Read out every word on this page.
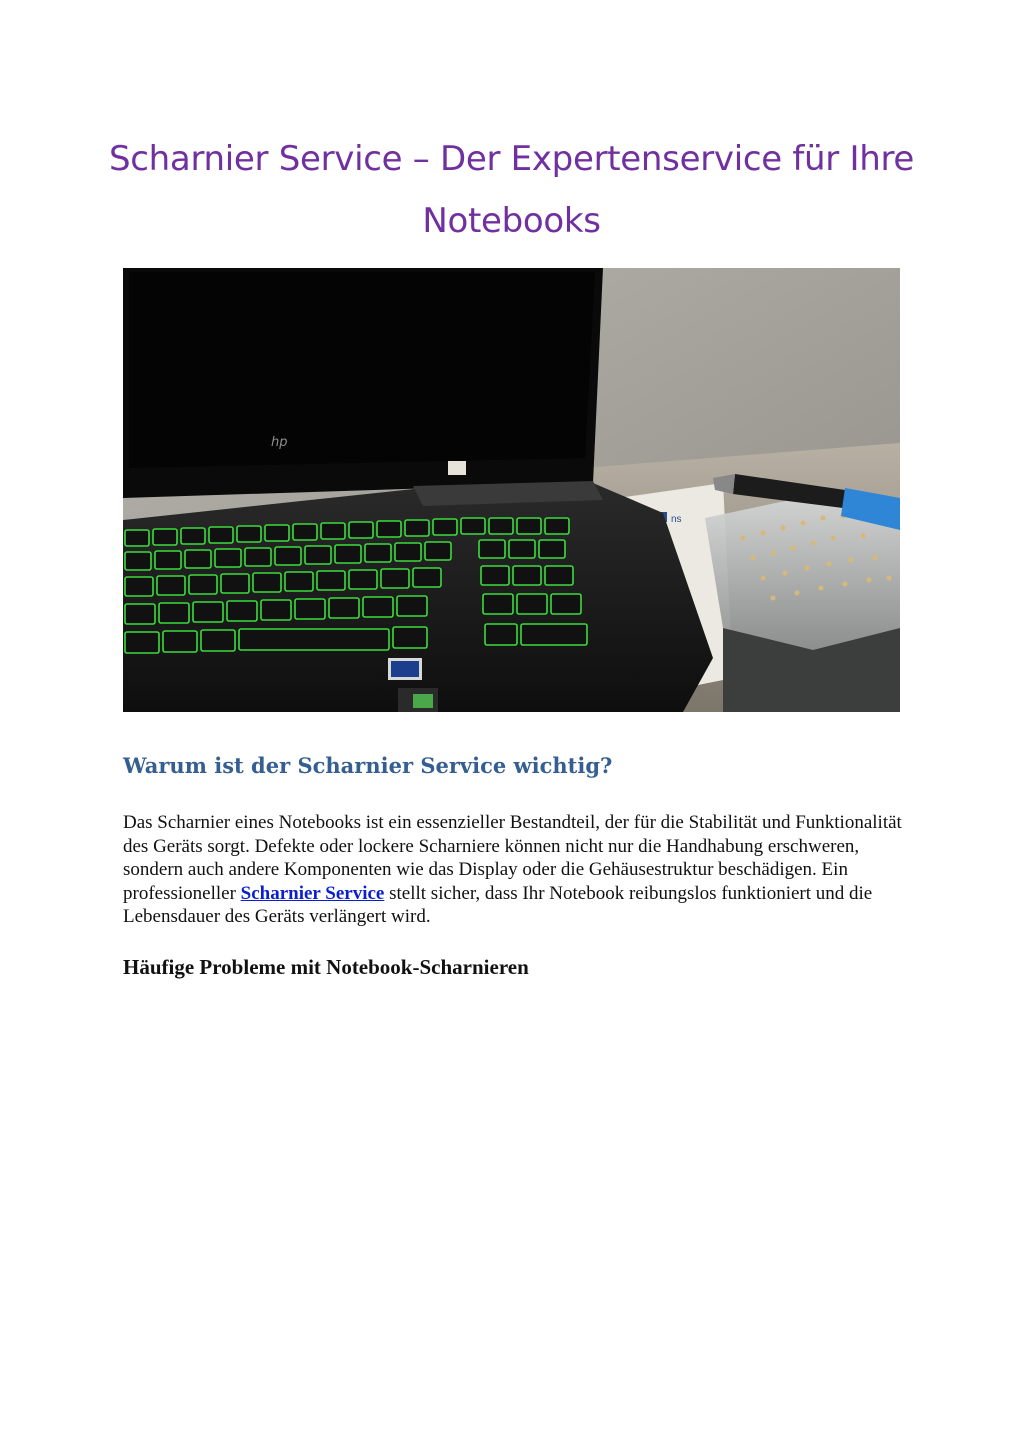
Scharnier Service – Der Expertenservice für Ihre Notebooks
ns
hp
Warum ist der Scharnier Service wichtig?

Das Scharnier eines Notebooks ist ein essenzieller Bestandteil, der für die Stabilität und Funktionalität des Geräts sorgt. Defekte oder lockere Scharniere können nicht nur die Handhabung erschweren, sondern auch andere Komponenten wie das Display oder die Gehäusestruktur beschädigen. Ein professioneller Scharnier Service stellt sicher, dass Ihr Notebook reibungslos funktioniert und die Lebensdauer des Geräts verlängert wird.

Häufige Probleme mit Notebook-Scharnieren
